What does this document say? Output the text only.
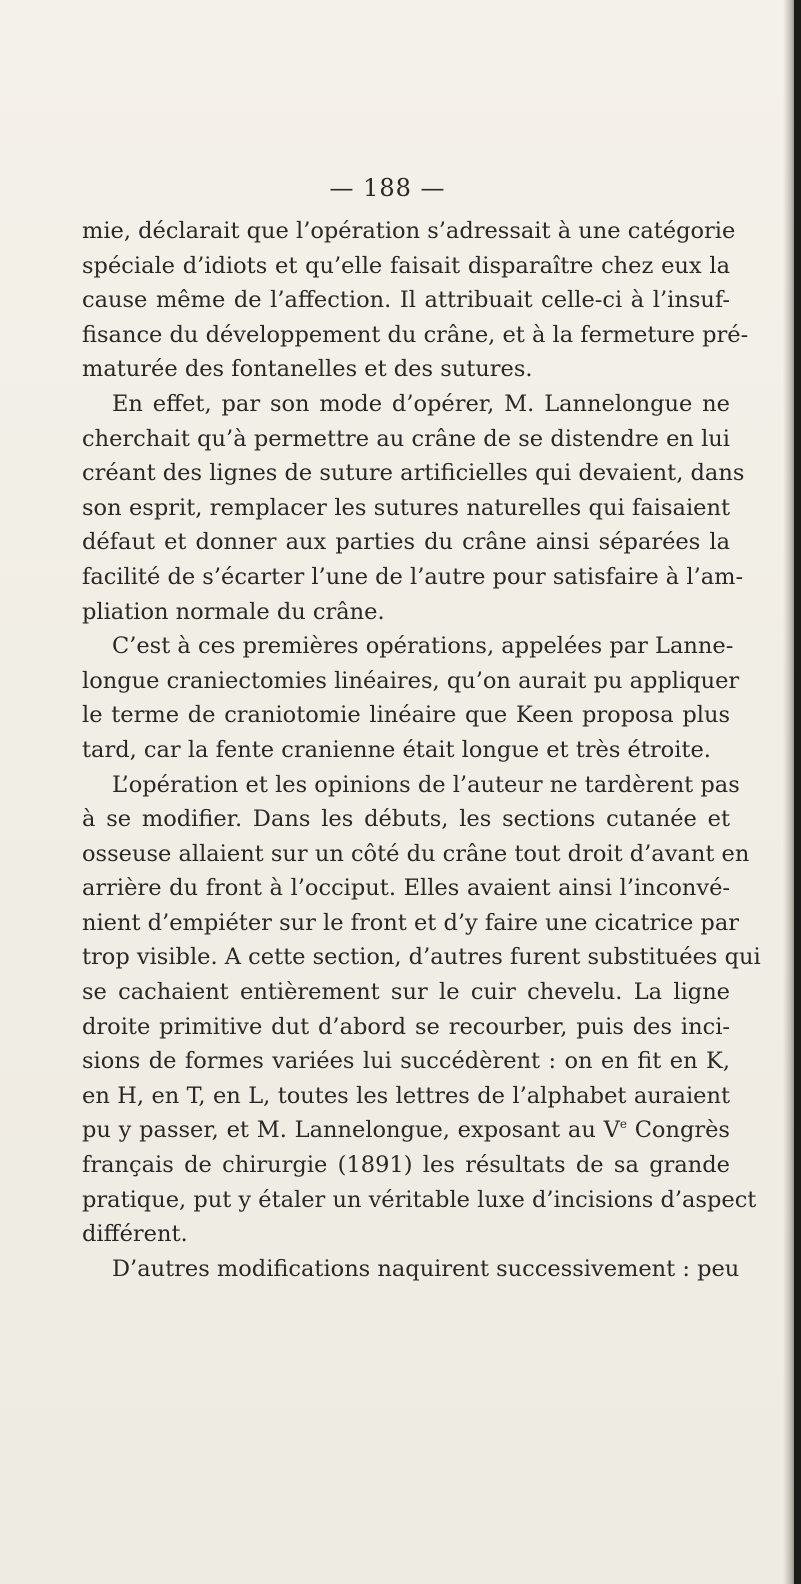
— 188 —
mie, déclarait que l’opération s’adressait à une catégorie
spéciale d’idiots et qu’elle faisait disparaître chez eux la
cause même de l’affection. Il attribuait celle-ci à l’insuf-
fisance du développement du crâne, et à la fermeture pré-
maturée des fontanelles et des sutures.
En effet, par son mode d’opérer, M. Lannelongue ne
cherchait qu’à permettre au crâne de se distendre en lui
créant des lignes de suture artificielles qui devaient, dans
son esprit, remplacer les sutures naturelles qui faisaient
défaut et donner aux parties du crâne ainsi séparées la
facilité de s’écarter l’une de l’autre pour satisfaire à l’am-
pliation normale du crâne.
C’est à ces premières opérations, appelées par Lanne-
longue craniectomies linéaires, qu’on aurait pu appliquer
le terme de craniotomie linéaire que Keen proposa plus
tard, car la fente cranienne était longue et très étroite.
L’opération et les opinions de l’auteur ne tardèrent pas
à se modifier. Dans les débuts, les sections cutanée et
osseuse allaient sur un côté du crâne tout droit d’avant en
arrière du front à l’occiput. Elles avaient ainsi l’inconvé-
nient d’empiéter sur le front et d’y faire une cicatrice par
trop visible. A cette section, d’autres furent substituées qui
se cachaient entièrement sur le cuir chevelu. La ligne
droite primitive dut d’abord se recourber, puis des inci-
sions de formes variées lui succédèrent : on en fit en K,
en H, en T, en L, toutes les lettres de l’alphabet auraient
pu y passer, et M. Lannelongue, exposant au Ve Congrès
français de chirurgie (1891) les résultats de sa grande
pratique, put y étaler un véritable luxe d’incisions d’aspect
différent.
D’autres modifications naquirent successivement : peu
